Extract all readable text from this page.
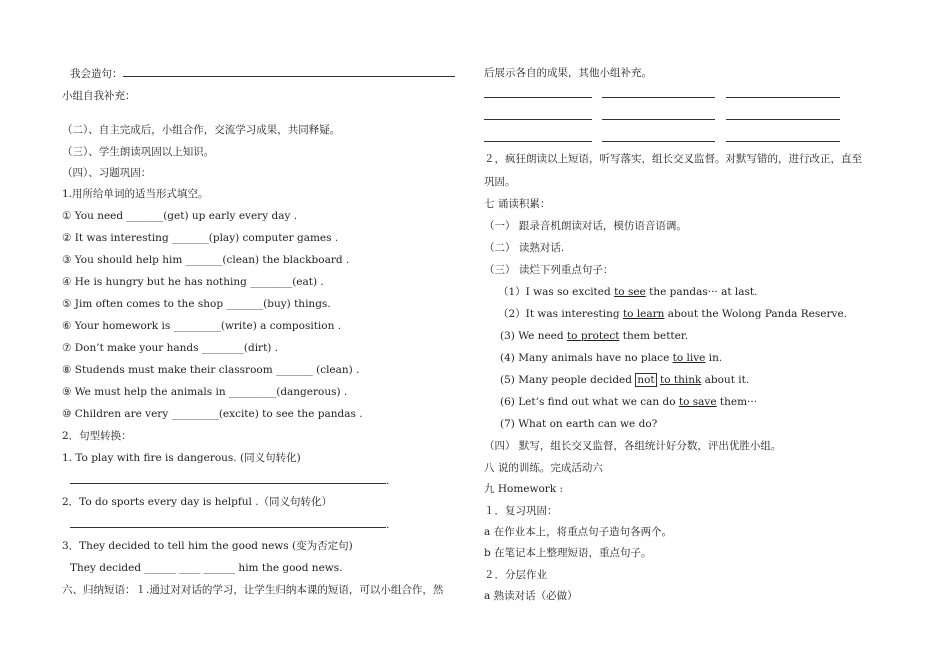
我会造句：
小组自我补充：
（二）、自主完成后，小组合作，交流学习成果，共同释疑。
（三）、学生朗读巩固以上知识。
（四）、习题巩固：
1.用所给单词的适当形式填空。
① You need _______(get) up early every day .
② It was interesting _______(play) computer games .
③ You should help him _______(clean) the blackboard .
④ He is hungry but he has nothing ________(eat) .
⑤ Jim often comes to the shop _______(buy) things.
⑥ Your homework is _________(write) a composition .
⑦ Don’t make your hands ________(dirt) .
⑧ Studends must make their classroom _______ (clean) .
⑨ We must help the animals in _________(dangerous) .
⑩ Children are very _________(excite) to see the pandas .
2．句型转换：
1. To play with fire is dangerous. (同义句转化)
.
2．To do sports every day is helpful .（同义句转化）
.
3．They decided to tell him the good news (变为否定句)
They decided ______ ____ ______ him the good news.
六、归纳短语：１.通过对对话的学习，让学生归纳本课的短语，可以小组合作，然
后展示各自的成果，其他小组补充。
２，疯狂朗读以上短语，听写落实，组长交叉监督。对默写错的，进行改正，直至
巩固。
七 诵读积累：
（一） 跟录音机朗读对话，模仿语音语调。
（二） 读熟对话.
（三） 读烂下列重点句子：
（1）I was so excited to see the pandas··· at last.
（2）It was interesting to learn about the Wolong Panda Reserve.
(3) We need to protect them better.
(4) Many animals have no place to live in.
(5) Many people decided not to think about it.
(6) Let’s find out what we can do to save them···
(7) What on earth can we do?
（四） 默写，组长交叉监督，各组统计好分数，评出优胜小组。
八 说的训练。完成活动六
九 Homework :
１．复习巩固：
a 在作业本上，将重点句子造句各两个。
b 在笔记本上整理短语，重点句子。
２．分层作业
a 熟读对话（必做）
